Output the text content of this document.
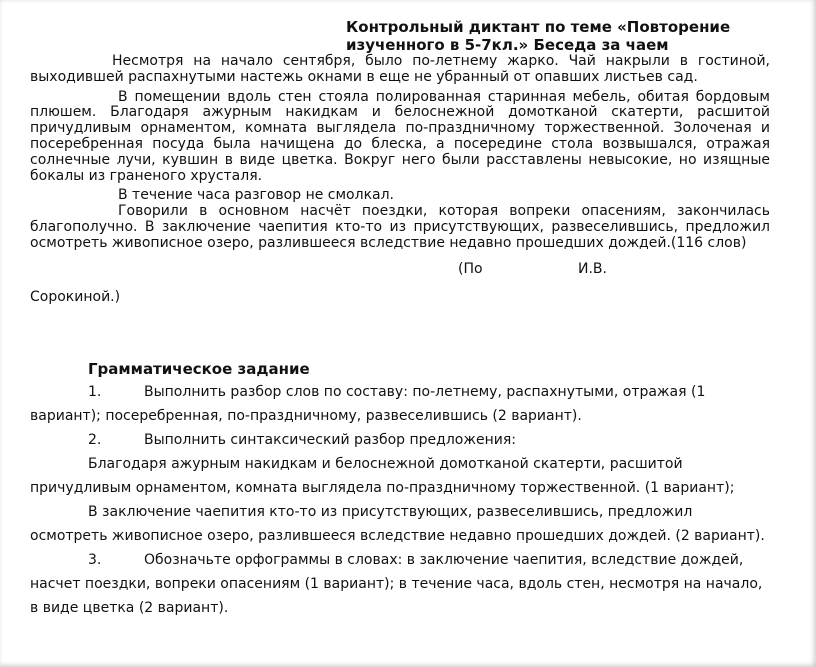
Контрольный диктант по теме «Повторение
изученного в 5-7кл.» Беседа за чаем

Несмотря на начало сентября, было по-летнему жарко. Чай накрыли в гостиной, выходившей распахнутыми настежь окнами в еще не убранный от опавших листьев сад.

В помещении вдоль стен стояла полированная старинная мебель, обитая бордовым плюшем. Благодаря ажурным накидкам и белоснежной домотканой скатерти, расшитой причудливым орнаментом, комната выглядела по-праздничному торжественной. Золоченая и посеребренная посуда была начищена до блеска, а посередине стола возвышался, отражая солнечные лучи, кувшин в виде цветка. Вокруг него были расставлены невысокие, но изящные бокалы из граненого хрусталя.

В течение часа разговор не смолкал.

Говорили в основном насчёт поездки, которая вопреки опасениям, закончилась благополучно. В заключение чаепития кто-то из присутствующих, развеселившись, предложил осмотреть живописное озеро, разлившееся вследствие недавно прошедших дождей.(116 слов)

(По	И.В.
Сорокиной.)

Грамматическое задание

1.	Выполнить разбор слов по составу: по-летнему, распахнутыми, отражая (1 вариант); посеребренная, по-праздничному, развеселившись (2 вариант).

2.	Выполнить синтаксический разбор предложения:

Благодаря ажурным накидкам и белоснежной домотканой скатерти, расшитой причудливым орнаментом, комната выглядела по-праздничному торжественной. (1 вариант);

В заключение чаепития кто-то из присутствующих, развеселившись, предложил осмотреть живописное озеро, разлившееся вследствие недавно прошедших дождей. (2 вариант).

3.	Обозначьте орфограммы в словах: в заключение чаепития, вследствие дождей, насчет поездки, вопреки опасениям (1 вариант); в течение часа, вдоль стен, несмотря на начало, в виде цветка (2 вариант).
